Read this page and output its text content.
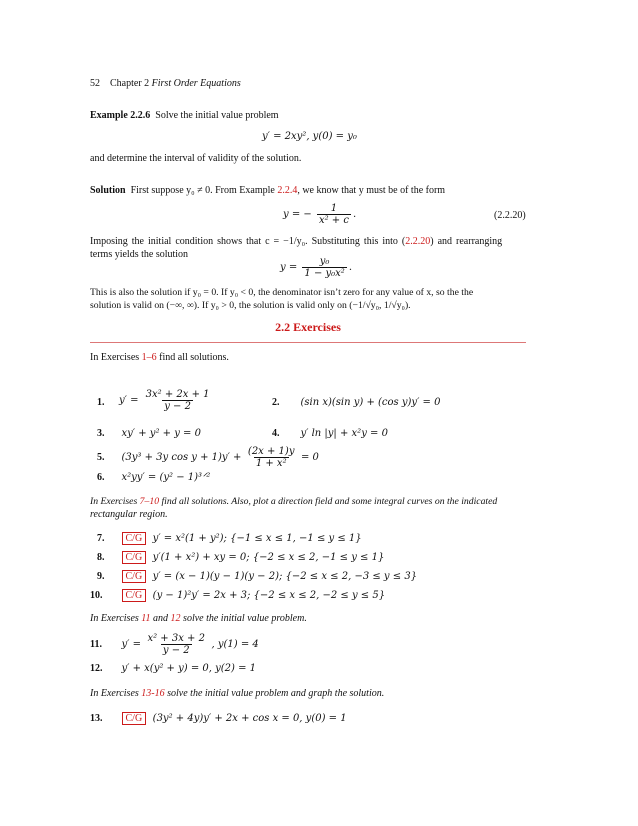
52 Chapter 2 First Order Equations
Example 2.2.6 Solve the initial value problem
y′ = 2xy², y(0) = y₀
and determine the interval of validity of the solution.
Solution First suppose y₀ ≠ 0. From Example 2.2.4, we know that y must be of the form
y = − $\frac{1}{\text{x² + c}}$ .	(2.2.20)
Imposing the initial condition shows that c = −1/y₀. Substituting this into (2.2.20) and rearranging
terms yields the solution
$y = \frac{\text{y₀}}{\text{1 − y₀x²}}$ .
This is also the solution if y₀ = 0. If y₀ < 0, the denominator isn’t zero for any value of x, so the the
solution is valid on (−∞, ∞). If y₀ > 0, the solution is valid only on (−1/√y₀, 1/√y₀).
2.2 Exercises
In Exercises 1–6 find all solutions.
1. $y' = \frac{\text{3x² + 2x + 1}}{y - 2}$	2. (sin x)(sin y) + (cos y)y′ = 0
3. xy′ + y² + y = 0	4. y′ ln |y| + x²y = 0
5. (3y³ + 3y $\cos y + 1)y' + \frac{(2x + 1)y}{\text{1 + x²}} = 0$
6. x²yy′ = (y² − 1)³ᐟ²
In Exercises 7–10 find all solutions. Also, plot a direction field and some integral curves on the indicated
rectangular region.
7. C/G y′ = x²(1 + y²); {−1 ≤ x ≤ 1, −1 ≤ y ≤ 1}
8. C/G y′(1 + x²) + xy = 0; {−2 ≤ x ≤ 2, −1 ≤ y ≤ 1}
9. C/G y′ = (x − 1)(y − 1)(y − 2); {−2 ≤ x ≤ 2, −3 ≤ y ≤ 3}
10. C/G (y − 1)²y′ = 2x + 3; {−2 ≤ x ≤ 2, −2 ≤ y ≤ 5}
In Exercises 11 and 12 solve the initial value problem.
11. $y' = \frac{\text{x² + 3x + 2}}{y - 2}$ , y(1) = 4
12. y′ + x(y² + y) = 0, y(2) = 1
In Exercises 13-16 solve the initial value problem and graph the solution.
13. C/G (3y² + 4y)y′ + 2x + cos x = 0, y(0) = 1
